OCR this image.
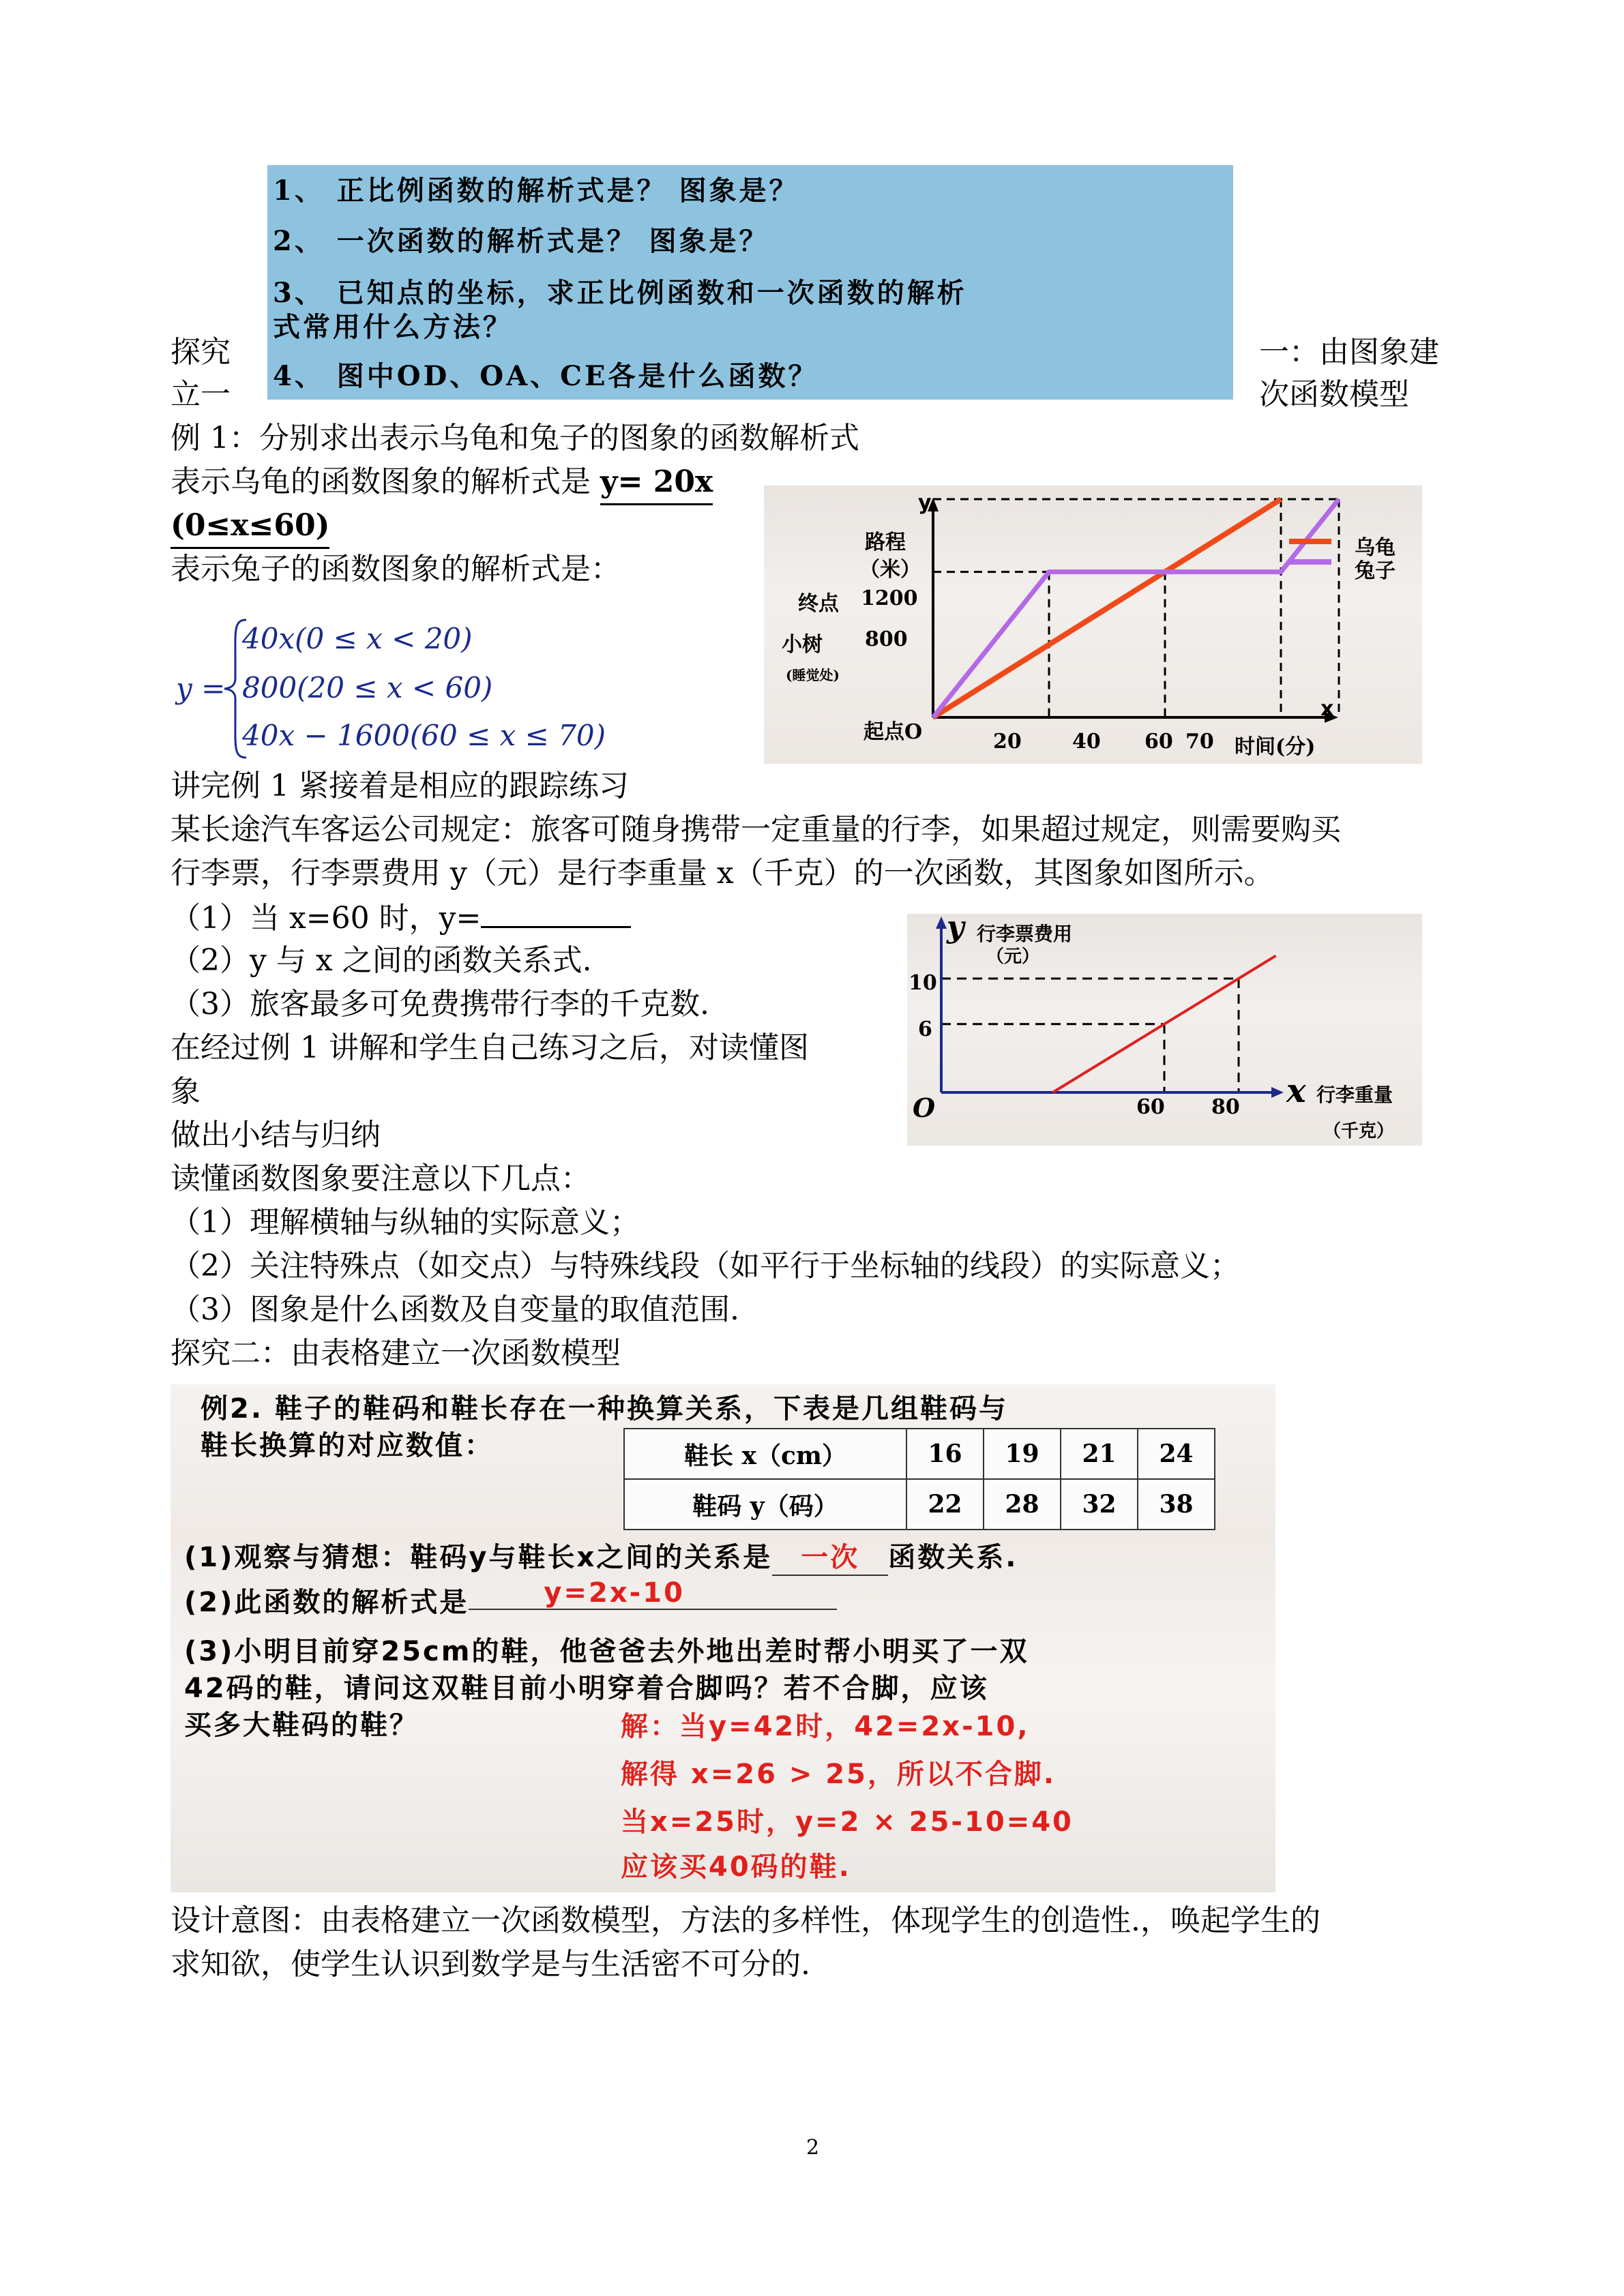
1、 正比例函数的解析式是？ 图象是？
2、 一次函数的解析式是？ 图象是？
3、 已知点的坐标，求正比例函数和一次函数的解析
式常用什么方法？
4、 图中OD、OA、CE各是什么函数？
探究
立一
一：由图象建
次函数模型
例 1：分别求出表示乌龟和兔子的图象的函数解析式
表示乌龟的函数图象的解析式是 y= 20x
(0≤x≤60)
表示兔子的函数图象的解析式是：
y =
40x(0 ≤ x < 20)
800(20 ≤ x < 60)
40x − 1600(60 ≤ x ≤ 70)
y
路程
（米）
终点 1200
小树 800
(睡觉处)
起点O
x
20 40 60 70 时间(分)
乌龟
兔子
讲完例 1 紧接着是相应的跟踪练习
某长途汽车客运公司规定：旅客可随身携带一定重量的行李，如果超过规定，则需要购买
行李票，行李票费用 y（元）是行李重量 x（千克）的一次函数，其图象如图所示。
（1）当 x=60 时，y=
（2）y 与 x 之间的函数关系式.
（3）旅客最多可免费携带行李的千克数.
在经过例 1 讲解和学生自己练习之后，对读懂图
象
做出小结与归纳
y 行李票费用
（元）
10
6
O	60 80 x 行李重量
（千克）
读懂函数图象要注意以下几点：
（1）理解横轴与纵轴的实际意义；
（2）关注特殊点（如交点）与特殊线段（如平行于坐标轴的线段）的实际意义；
（3）图象是什么函数及自变量的取值范围.
探究二：由表格建立一次函数模型
例2. 鞋子的鞋码和鞋长存在一种换算关系，下表是几组鞋码与
鞋长换算的对应数值：	鞋长 x（cm）	16	19	21	24
鞋码 y（码）	22	28	32	38
(1)观察与猜想：鞋码y与鞋长x之间的关系是 一次 函数关系.
(2)此函数的解析式是	y=2x-10
(3)小明目前穿25cm的鞋，他爸爸去外地出差时帮小明买了一双
42码的鞋，请问这双鞋目前小明穿着合脚吗？若不合脚，应该
买多大鞋码的鞋？	解：当y=42时，42=2x-10,
解得 x=26 > 25，所以不合脚.
当x=25时，y=2 × 25-10=40
应该买40码的鞋.
设计意图：由表格建立一次函数模型，方法的多样性，体现学生的创造性.，唤起学生的
求知欲，使学生认识到数学是与生活密不可分的.
2
